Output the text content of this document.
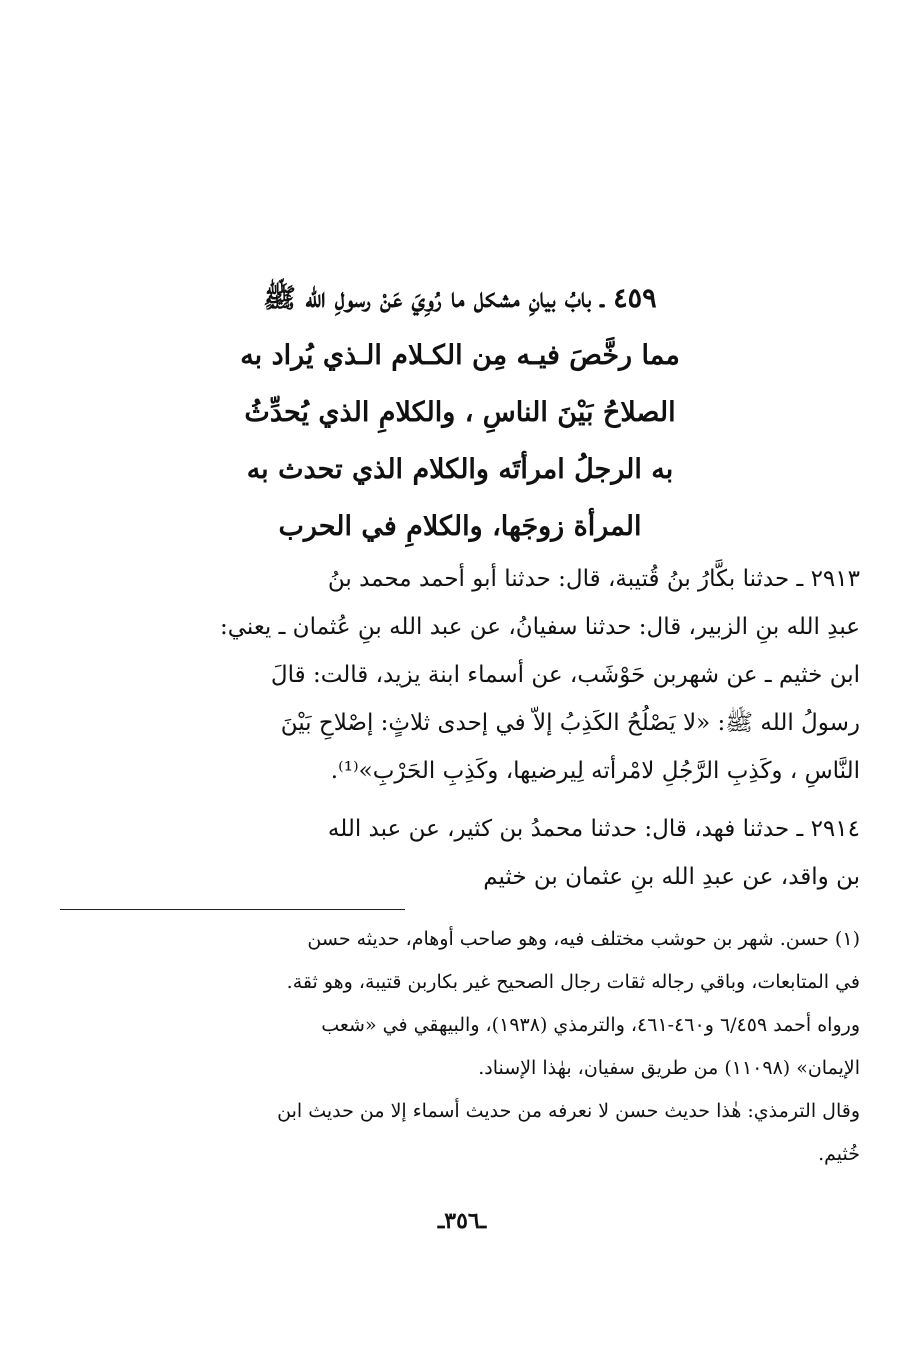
٤٥٩ ـ بابُ بيانِ مشكل ما رُوِيَ عَنْ رسولِ الله ﷺ
مما رخَّصَ فيـه مِن الكـلام الـذي يُراد به
الصلاحُ بَيْنَ الناسِ ، والكلامِ الذي يُحدِّثُ
به الرجلُ امرأتَه والكلام الذي تحدث به
المرأة زوجَها، والكلامِ في الحرب
٢٩١٣ ـ حدثنا بكَّارُ بنُ قُتيبة، قال: حدثنا أبو أحمد محمد بنُ
عبدِ الله بنِ الزبير، قال: حدثنا سفيانُ، عن عبد الله بنِ عُثمان ـ يعني:
ابن خثيم ـ عن شهربن حَوْشَب، عن أسماء ابنة يزيد، قالت: قالَ
رسولُ الله ﷺ: «لا يَصْلُحُ الكَذِبُ إلاّ في إحدى ثلاثٍ: إصْلاحِ بَيْنَ
النَّاسِ ، وكَذِبِ الرَّجُلِ لامْرأته لِيرضيها، وكَذِبِ الحَرْبِ»⁽¹⁾.
٢٩١٤ ـ حدثنا فهد، قال: حدثنا محمدُ بن كثير، عن عبد الله
بن واقد، عن عبدِ الله بنِ عثمان بن خثيم

(١) حسن. شهر بن حوشب مختلف فيه، وهو صاحب أوهام، حديثه حسن

في المتابعات، وباقي رجاله ثقات رجال الصحيح غير بكاربن قتيبة، وهو ثقة.

ورواه أحمد ٦/٤٥٩ و٤٦٠-٤٦١، والترمذي (١٩٣٨)، والبيهقي في «شعب

الإيمان» (١١٠٩٨) من طريق سفيان، بهٰذا الإسناد.

وقال الترمذي: هٰذا حديث حسن لا نعرفه من حديث أسماء إلا من حديث ابن

خُثيم.

ـ٣٥٦ـ
